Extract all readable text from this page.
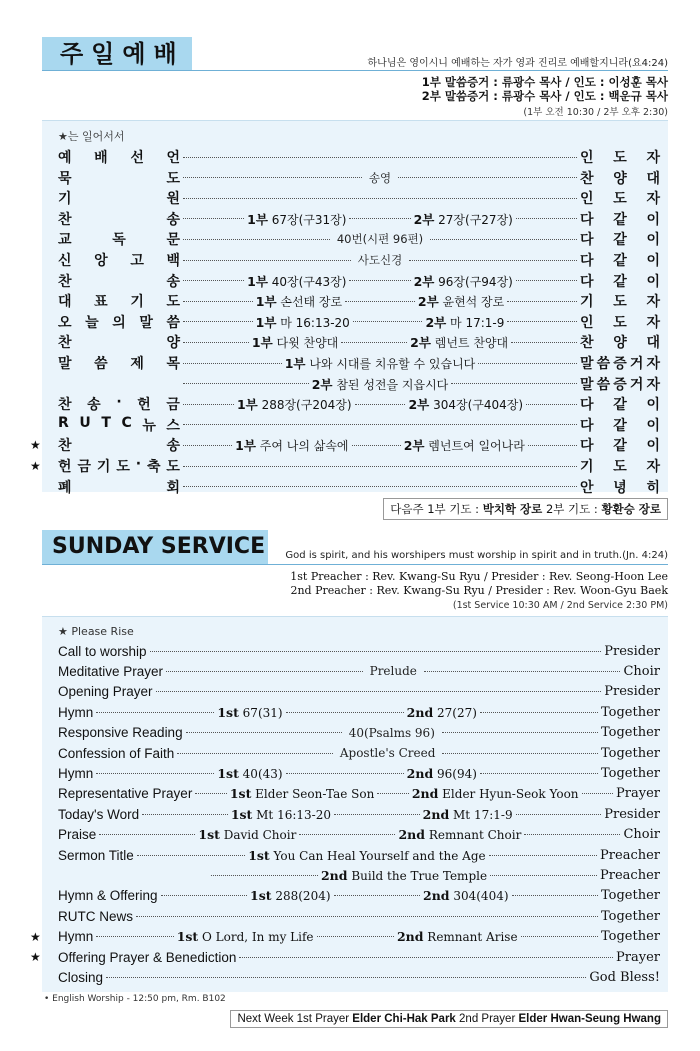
주일예배	하나님은 영이시니 예배하는 자가 영과 진리로 예배할지니라(요4:24)
1부 말씀증거 : 류광수 목사 / 인도 : 이성훈 목사
2부 말씀증거 : 류광수 목사 / 인도 : 백운규 목사
(1부 오전 10:30 / 2부 오후 2:30)
★는 일어서서
예 배 선 언	인 도 자
묵	도	송영	찬 양 대
기	원	인 도 자
찬	송	1부 67장(구31장)	2부 27장(구27장)	다 같 이
교	독	문	40번(시편 96편)	다 같 이
신 앙 고 백	사도신경	다 같 이
찬	송	1부 40장(구43장)	2부 96장(구94장)	다 같 이
대 표 기 도	1부 손선태 장로	2부 윤현석 장로	기 도 자
오 늘 의 말 씀	1부 마 16:13-20	2부 마 17:1-9	인 도 자
찬	양	1부 다윗 찬양대	2부 렘넌트 찬양대	찬 양 대
말 씀 제 목	1부 나와 시대를 치유할 수 있습니다	말 씀 증 거 자
2부 참된 성전을 지읍시다	말 씀 증 거 자
찬 송 · 헌 금	1부 288장(구204장)	2부 304장(구404장)	다 같 이
R U T C 뉴 스	다 같 이
★ 찬	송	1부 주여 나의 삶속에	2부 렘넌트여 일어나라	다 같 이
★ 헌 금 기 도 · 축 도	기 도 자
폐	회	안 녕 히
다음주 1부 기도 : 박치학 장로 2부 기도 : 황환승 장로
SUNDAY SERVICE God is spirit, and his worshipers must worship in spirit and in truth.(Jn. 4:24)
1st Preacher : Rev. Kwang-Su Ryu / Presider : Rev. Seong-Hoon Lee
2nd Preacher : Rev. Kwang-Su Ryu / Presider : Rev. Woon-Gyu Baek
(1st Service 10:30 AM / 2nd Service 2:30 PM)
★ Please Rise
Call to worship	Presider
Meditative Prayer	Prelude	Choir
Opening Prayer	Presider
Hymn	1st 67(31)	2nd 27(27)	Together
Responsive Reading	40(Psalms 96)	Together
Confession of Faith	Apostle's Creed	Together
Hymn	1st 40(43)	2nd 96(94)	Together
Representative Prayer	1st Elder Seon-Tae Son	2nd Elder Hyun-Seok Yoon	Prayer
Today's Word	1st Mt 16:13-20	2nd Mt 17:1-9	Presider
Praise	1st David Choir	2nd Remnant Choir	Choir
Sermon Title	1st You Can Heal Yourself and the Age	Preacher
2nd Build the True Temple	Preacher
Hymn & Offering	1st 288(204)	2nd 304(404)	Together
RUTC News	Together
★ Hymn	1st O Lord, In my Life	2nd Remnant Arise	Together
★ Offering Prayer & Benediction	Prayer
Closing	God Bless!
• English Worship - 12:50 pm, Rm. B102
Next Week 1st Prayer Elder Chi-Hak Park 2nd Prayer Elder Hwan-Seung Hwang
